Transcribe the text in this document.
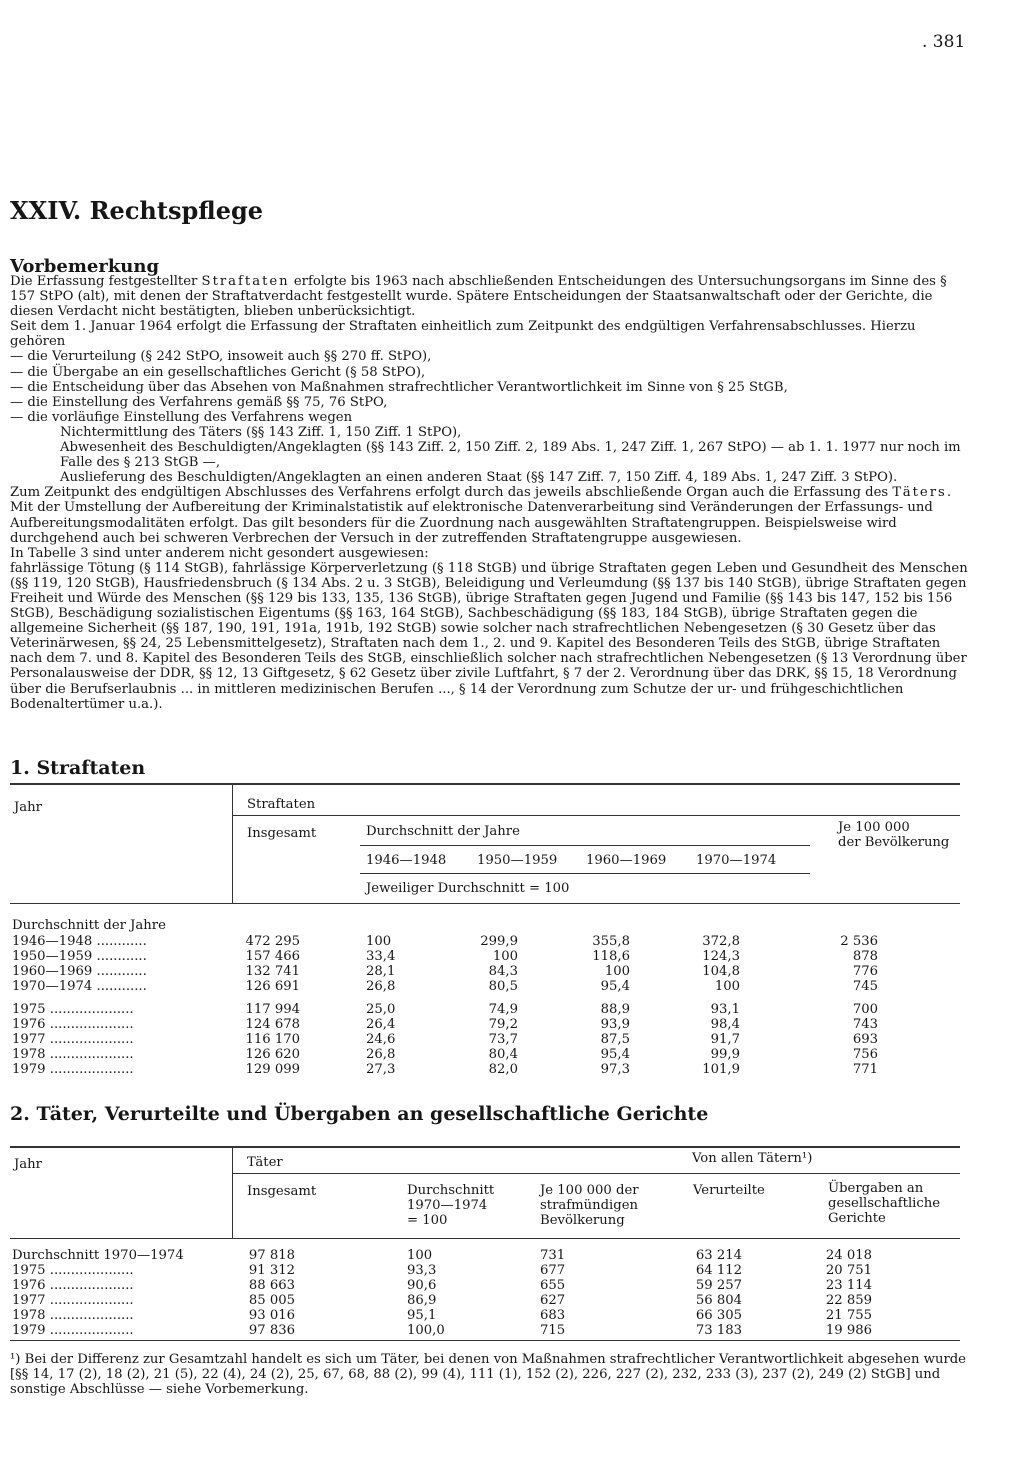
. 381
XXIV. Rechtspflege
Vorbemerkung

Die Erfassung festgestellter Straftaten erfolgte bis 1963 nach abschließenden Entscheidungen des Untersuchungsorgans im Sinne des § 157 StPO (alt), mit denen der Straftatverdacht festgestellt wurde. Spätere Entscheidungen der Staatsanwaltschaft oder der Gerichte, die diesen Verdacht nicht bestätigten, blieben unberücksichtigt.

Seit dem 1. Januar 1964 erfolgt die Erfassung der Straftaten einheitlich zum Zeitpunkt des endgültigen Verfahrensabschlusses. Hierzu gehören

— die Verurteilung (§ 242 StPO, insoweit auch §§ 270 ff. StPO),

— die Übergabe an ein gesellschaftliches Gericht (§ 58 StPO),

— die Entscheidung über das Absehen von Maßnahmen strafrechtlicher Verantwortlichkeit im Sinne von § 25 StGB,

— die Einstellung des Verfahrens gemäß §§ 75, 76 StPO,

— die vorläufige Einstellung des Verfahrens wegen

Nichtermittlung des Täters (§§ 143 Ziff. 1, 150 Ziff. 1 StPO),

Abwesenheit des Beschuldigten/Angeklagten (§§ 143 Ziff. 2, 150 Ziff. 2, 189 Abs. 1, 247 Ziff. 1, 267 StPO) — ab 1. 1. 1977 nur noch im Falle des § 213 StGB —,

Auslieferung des Beschuldigten/Angeklagten an einen anderen Staat (§§ 147 Ziff. 7, 150 Ziff. 4, 189 Abs. 1, 247 Ziff. 3 StPO).

Zum Zeitpunkt des endgültigen Abschlusses des Verfahrens erfolgt durch das jeweils abschließende Organ auch die Erfassung des Täters.

Mit der Umstellung der Aufbereitung der Kriminalstatistik auf elektronische Datenverarbeitung sind Veränderungen der Erfassungs- und Aufbereitungsmodalitäten erfolgt. Das gilt besonders für die Zuordnung nach ausgewählten Straftatengruppen. Beispielsweise wird durchgehend auch bei schweren Verbrechen der Versuch in der zutreffenden Straftatengruppe ausgewiesen.

In Tabelle 3 sind unter anderem nicht gesondert ausgewiesen:

fahrlässige Tötung (§ 114 StGB), fahrlässige Körperverletzung (§ 118 StGB) und übrige Straftaten gegen Leben und Gesundheit des Menschen (§§ 119, 120 StGB), Hausfriedensbruch (§ 134 Abs. 2 u. 3 StGB), Beleidigung und Verleumdung (§§ 137 bis 140 StGB), übrige Straftaten gegen Freiheit und Würde des Menschen (§§ 129 bis 133, 135, 136 StGB), übrige Straftaten gegen Jugend und Familie (§§ 143 bis 147, 152 bis 156 StGB), Beschädigung sozialistischen Eigentums (§§ 163, 164 StGB), Sachbeschädigung (§§ 183, 184 StGB), übrige Straftaten gegen die allgemeine Sicherheit (§§ 187, 190, 191, 191a, 191b, 192 StGB) sowie solcher nach strafrechtlichen Nebengesetzen (§ 30 Gesetz über das Veterinärwesen, §§ 24, 25 Lebensmittelgesetz), Straftaten nach dem 1., 2. und 9. Kapitel des Besonderen Teils des StGB, übrige Straftaten nach dem 7. und 8. Kapitel des Besonderen Teils des StGB, einschließlich solcher nach strafrechtlichen Nebengesetzen (§ 13 Verordnung über Personalausweise der DDR, §§ 12, 13 Giftgesetz, § 62 Gesetz über zivile Luftfahrt, § 7 der 2. Verordnung über das DRK, §§ 15, 18 Verordnung über die Berufserlaubnis ... in mittleren medizinischen Berufen ..., § 14 der Verordnung zum Schutze der ur- und frühgeschichtlichen Bodenaltertümer u.a.).

1. Straftaten
Jahr	Straftaten
Insgesamt	Durchschnitt der Jahre	Je 100 000
der Bevölkerung
1946—1948 1950—1959 1960—1969 1970—1974
Jeweiliger Durchschnitt = 100
Durchschnitt der Jahre
1946—1948 ............	472 295	100	299,9	355,8	372,8	2 536
1950—1959 ............	157 466	33,4	100	118,6	124,3	878
1960—1969 ............	132 741	28,1	84,3	100	104,8	776
1970—1974 ............	126 691	26,8	80,5	95,4	100	745
1975 ....................	117 994	25,0	74,9	88,9	93,1	700
1976 ....................	124 678	26,4	79,2	93,9	98,4	743
1977 ....................	116 170	24,6	73,7	87,5	91,7	693
1978 ....................	126 620	26,8	80,4	95,4	99,9	756
1979 ....................	129 099	27,3	82,0	97,3	101,9	771
2. Täter, Verurteilte und Übergaben an gesellschaftliche Gerichte
Jahr	Täter	Von allen Tätern¹)
Insgesamt	Durchschnitt
1970—1974
= 100
Je 100 000 der
strafmündigen
Bevölkerung
Verurteilte	Übergaben an
gesellschaftliche
Gerichte
Durchschnitt 1970—1974	97 818	100	731	63 214	24 018
1975 ....................	91 312	93,3	677	64 112	20 751
1976 ....................	88 663	90,6	655	59 257	23 114
1977 ....................	85 005	86,9	627	56 804	22 859
1978 ....................	93 016	95,1	683	66 305	21 755
1979 ....................	97 836	100,0	715	73 183	19 986
¹) Bei der Differenz zur Gesamtzahl handelt es sich um Täter, bei denen von Maßnahmen strafrechtlicher Verantwortlichkeit abgesehen wurde [§§ 14, 17 (2), 18 (2), 21 (5), 22 (4), 24 (2), 25, 67, 68, 88 (2), 99 (4), 111 (1), 152 (2), 226, 227 (2), 232, 233 (3), 237 (2), 249 (2) StGB] und sonstige Abschlüsse — siehe Vorbemerkung.
